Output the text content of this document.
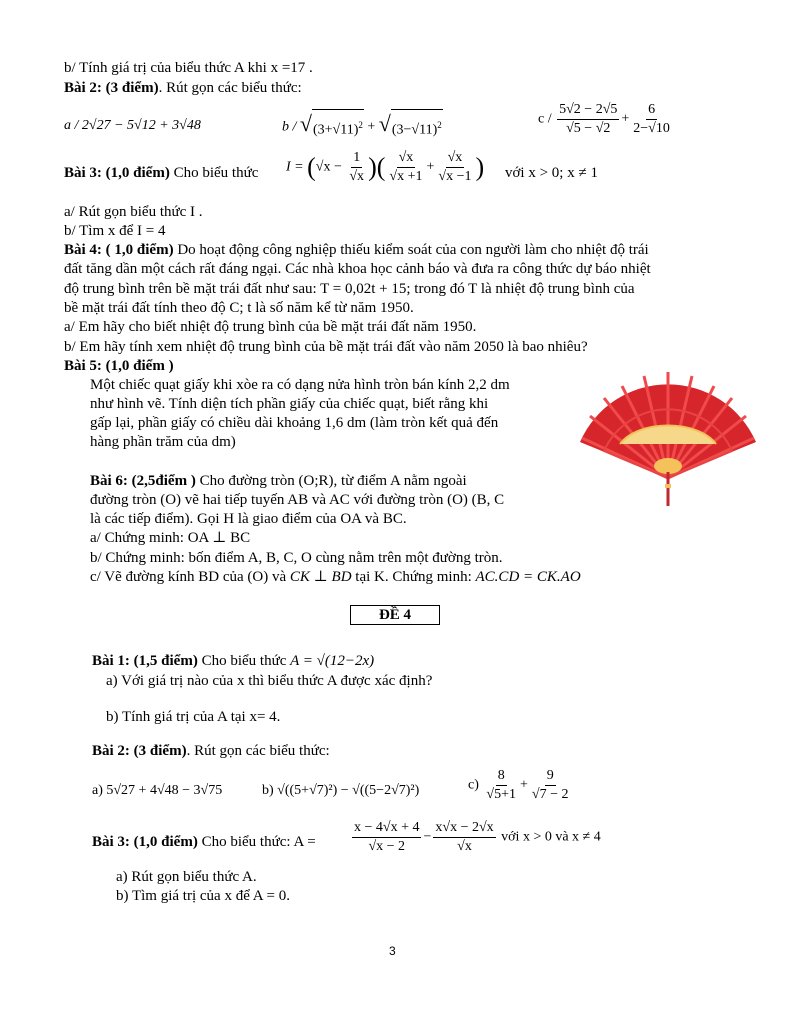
b/ Tính giá trị của biểu thức A khi x =17 .
Bài 2: (3 điểm). Rút gọn các biểu thức:
a / 2√27 − 5√12 + 3√48	b / √ $(3+√11)^2$ + √ $(3-√11)^2$	$c / \frac{5√2 - 2√5}{√5 - √2} + \frac{6}{2-√10}$
Bài 3: (1,0 điểm) Cho biểu thức $I = (√x - \frac{1}{√x}$ )( $\frac{√x}{√x +1} + \frac{√x}{√x -1}$ ) với x > 0; x ≠ 1
a/ Rút gọn biểu thức I .
b/ Tìm x để I = 4
Bài 4: ( 1,0 điểm) Do hoạt động công nghiệp thiếu kiểm soát của con người làm cho nhiệt độ trái
đất tăng dần một cách rất đáng ngại. Các nhà khoa học cảnh báo và đưa ra công thức dự báo nhiệt
độ trung bình trên bề mặt trái đất như sau: T = 0,02t + 15; trong đó T là nhiệt độ trung bình của
bề mặt trái đất tính theo độ C; t là số năm kể từ năm 1950.
a/ Em hãy cho biết nhiệt độ trung bình của bề mặt trái đất năm 1950.
b/ Em hãy tính xem nhiệt độ trung bình của bề mặt trái đất vào năm 2050 là bao nhiêu?
Bài 5: (1,0 điểm )
Một chiếc quạt giấy khi xòe ra có dạng nửa hình tròn bán kính 2,2 dm
như hình vẽ. Tính diện tích phần giấy của chiếc quạt, biết rằng khi
gấp lại, phần giấy có chiều dài khoảng 1,6 dm (làm tròn kết quả đến
hàng phần trăm của dm)
Bài 6: (2,5điểm ) Cho đường tròn (O;R), từ điểm A nằm ngoài
đường tròn (O) vẽ hai tiếp tuyến AB và AC với đường tròn (O) (B, C
là các tiếp điểm). Gọi H là giao điểm của OA và BC.
a/ Chứng minh: OA ⊥ BC
b/ Chứng minh: bốn điểm A, B, C, O cùng nằm trên một đường tròn.
c/ Vẽ đường kính BD của (O) và CK ⊥ BD tại K. Chứng minh: AC.CD = CK.AO
ĐỀ 4
Bài 1: (1,5 điểm) Cho biểu thức A = √(12−2x)
a) Với giá trị nào của x thì biểu thức A được xác định?
b) Tính giá trị của A tại x= 4.
Bài 2: (3 điểm). Rút gọn các biểu thức:
a) 5√27 + 4√48 − 3√75	b) √((5+√7)²) − √((5−2√7)²)	$c) \frac{8}{√5+1} + \frac{9}{√7 - 2}$
Bài 3: (1,0 điểm) Cho biểu thức: A =	$\frac{x - 4√x + 4}{√x - 2} - \frac{x√x - 2√x}{√x}$ với x > 0 và x ≠ 4
a) Rút gọn biểu thức A.
b) Tìm giá trị của x để A = 0.
3
